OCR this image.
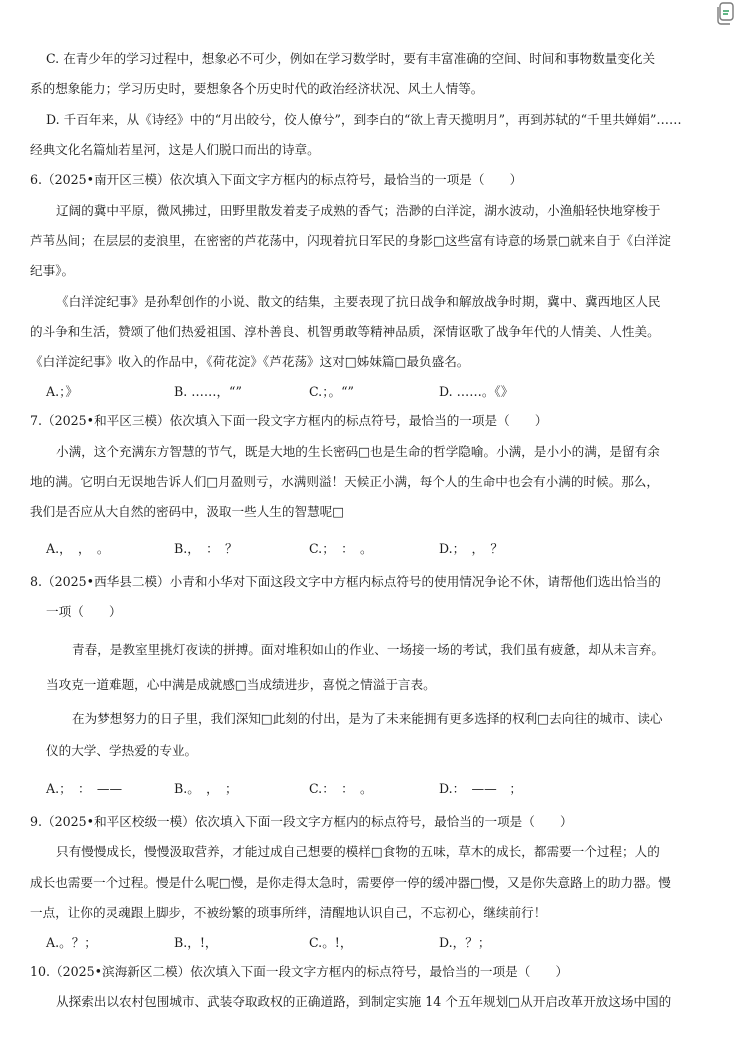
C. 在青少年的学习过程中，想象必不可少，例如在学习数学时，要有丰富准确的空间、时间和事物数量变化关
系的想象能力；学习历史时，要想象各个历史时代的政治经济状况、风土人情等。
D. 千百年来，从《诗经》中的“月出皎兮，佼人僚兮”，到李白的“欲上青天揽明月”，再到苏轼的“千里共婵娟”……
经典文化名篇灿若星河，这是人们脱口而出的诗章。
6.（2025•南开区三模）依次填入下面文字方框内的标点符号，最恰当的一项是（　　）
辽阔的冀中平原，微风拂过，田野里散发着麦子成熟的香气；浩渺的白洋淀，湖水波动，小渔船轻快地穿梭于
芦苇丛间；在层层的麦浪里，在密密的芦花荡中，闪现着抗日军民的身影□这些富有诗意的场景□就来自于《白洋淀
纪事》。
《白洋淀纪事》是孙犁创作的小说、散文的结集，主要表现了抗日战争和解放战争时期，冀中、冀西地区人民
的斗争和生活，赞颂了他们热爱祖国、淳朴善良、机智勇敢等精神品质，深情讴歌了战争年代的人情美、人性美。
《白洋淀纪事》收入的作品中，《荷花淀》《芦花荡》这对□姊妹篇□最负盛名。
A.；》	B. ……，“”	C.；。“”	D. ……。《》
7.（2025•和平区三模）依次填入下面一段文字方框内的标点符号，最恰当的一项是（　　）
小满，这个充满东方智慧的节气，既是大地的生长密码□也是生命的哲学隐喻。小满，是小小的满，是留有余
地的满。它明白无误地告诉人们□月盈则亏，水满则溢！天候正小满，每个人的生命中也会有小满的时候。那么，
我们是否应从大自然的密码中，汲取一些人生的智慧呢□
A.，　，　。	B.，　：　？	C.；　：　。	D.；　，　？
8.（2025•西华县二模）小青和小华对下面这段文字中方框内标点符号的使用情况争论不休，请帮他们选出恰当的
一项（　　）
青春，是教室里挑灯夜读的拼搏。面对堆积如山的作业、一场接一场的考试，我们虽有疲惫，却从未言弃。
当攻克一道难题，心中满是成就感□当成绩进步，喜悦之情溢于言表。
在为梦想努力的日子里，我们深知□此刻的付出，是为了未来能拥有更多选择的权利□去向往的城市、读心
仪的大学、学热爱的专业。
A.；　：　——	B.。　，　；	C.：　：　。	D.：　——　；
9.（2025•和平区校级一模）依次填入下面一段文字方框内的标点符号，最恰当的一项是（　　）
只有慢慢成长，慢慢汲取营养，才能过成自己想要的模样□食物的五味，草木的成长，都需要一个过程；人的
成长也需要一个过程。慢是什么呢□慢，是你走得太急时，需要停一停的缓冲器□慢，又是你失意路上的助力器。慢
一点，让你的灵魂跟上脚步，不被纷繁的琐事所绊，清醒地认识自己，不忘初心，继续前行！
A.。？；	B.，!，	C.。!，	D.，？；
10.（2025•滨海新区二模）依次填入下面一段文字方框内的标点符号，最恰当的一项是（　　）
从探索出以农村包围城市、武装夺取政权的正确道路，到制定实施 14 个五年规划□从开启改革开放这场中国的
